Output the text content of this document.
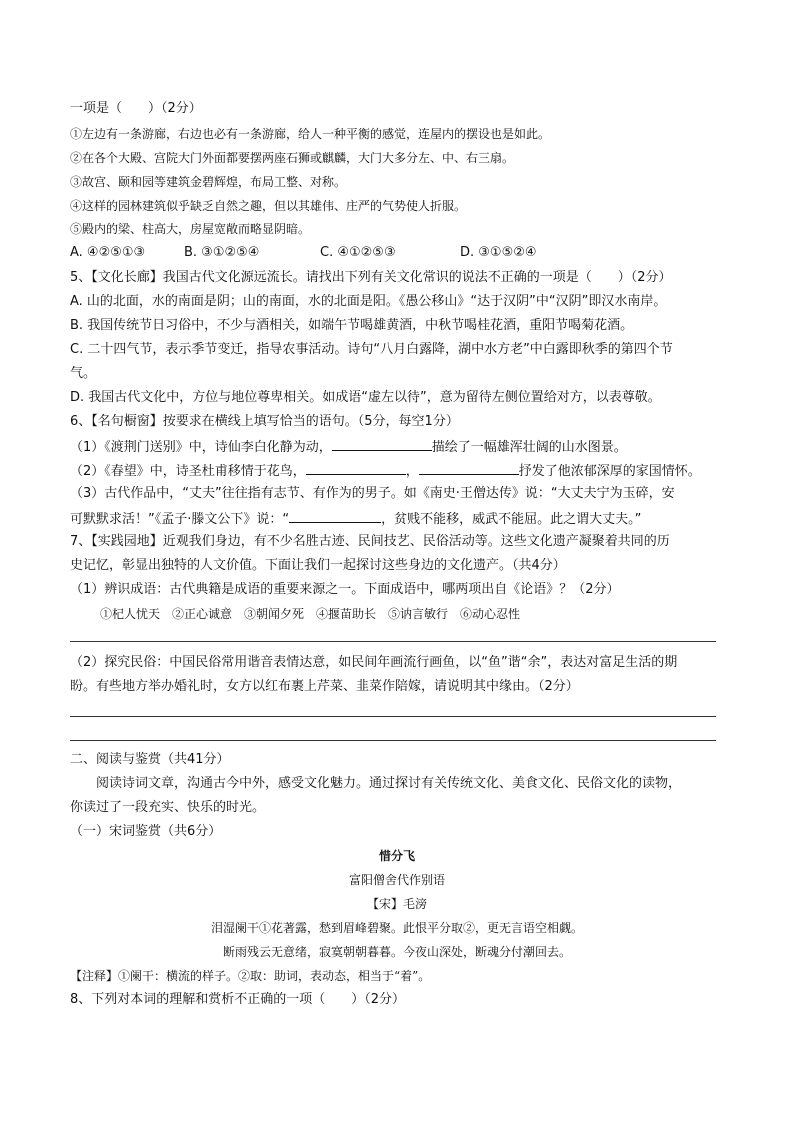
一项是（　　）（2分）
①左边有一条游廊，右边也必有一条游廊，给人一种平衡的感觉，连屋内的摆设也是如此。
②在各个大殿、宫院大门外面都要摆两座石狮或麒麟，大门大多分左、中、右三扇。
③故宫、颐和园等建筑金碧辉煌，布局工整、对称。
④这样的园林建筑似乎缺乏自然之趣，但以其雄伟、庄严的气势使人折服。
⑤殿内的梁、柱高大，房屋宽敞而略显阴暗。
A. ④②⑤①③	B. ③①②⑤④	C. ④①②⑤③	D. ③①⑤②④
5、【文化长廊】我国古代文化源远流长。请找出下列有关文化常识的说法不正确的一项是（　　）（2分）
A. 山的北面，水的南面是阴；山的南面，水的北面是阳。《愚公移山》“达于汉阴”中“汉阴”即汉水南岸。
B. 我国传统节日习俗中，不少与酒相关，如端午节喝雄黄酒，中秋节喝桂花酒，重阳节喝菊花酒。
C. 二十四气节，表示季节变迁，指导农事活动。诗句“八月白露降，湖中水方老”中白露即秋季的第四个节
气。
D. 我国古代文化中，方位与地位尊卑相关。如成语“虚左以待”，意为留待左侧位置给对方，以表尊敬。
6、【名句橱窗】按要求在横线上填写恰当的语句。（5分，每空1分）
（1）《渡荆门送别》中，诗仙李白化静为动，	描绘了一幅雄浑壮阔的山水图景。
（2）《春望》中，诗圣杜甫移情于花鸟，	，	抒发了他浓郁深厚的家国情怀。
（3）古代作品中，“丈夫”往往指有志节、有作为的男子。如《南史·王僧达传》说：“大丈夫宁为玉碎，安
可默默求活！”《孟子·滕文公下》说：“	，贫贱不能移，威武不能屈。此之谓大丈夫。”
7、【实践园地】近观我们身边，有不少名胜古迹、民间技艺、民俗活动等。这些文化遗产凝聚着共同的历
史记忆，彰显出独特的人文价值。下面让我们一起探讨这些身边的文化遗产。（共4分）
（1）辨识成语：古代典籍是成语的重要来源之一。下面成语中，哪两项出自《论语》？（2分）
①杞人忧天　②正心诚意　③朝闻夕死　④揠苗助长　⑤讷言敏行　⑥动心忍性
（2）探究民俗：中国民俗常用谐音表情达意，如民间年画流行画鱼，以“鱼”谐“余”，表达对富足生活的期
盼。有些地方举办婚礼时，女方以红布裹上芹菜、韭菜作陪嫁，请说明其中缘由。（2分）
二、阅读与鉴赏（共41分）
阅读诗词文章，沟通古今中外，感受文化魅力。通过探讨有关传统文化、美食文化、民俗文化的读物，
你读过了一段充实、快乐的时光。
（一）宋词鉴赏（共6分）
惜分飞
富阳僧舍代作别语
【宋】毛滂
泪湿阑干①花著露，愁到眉峰碧聚。此恨平分取②，更无言语空相觑。
断雨残云无意绪，寂寞朝朝暮暮。今夜山深处，断魂分付潮回去。
【注释】①阑干：横流的样子。②取：助词，表动态，相当于“着”。
8、下列对本词的理解和赏析不正确的一项（　　）（2分）
